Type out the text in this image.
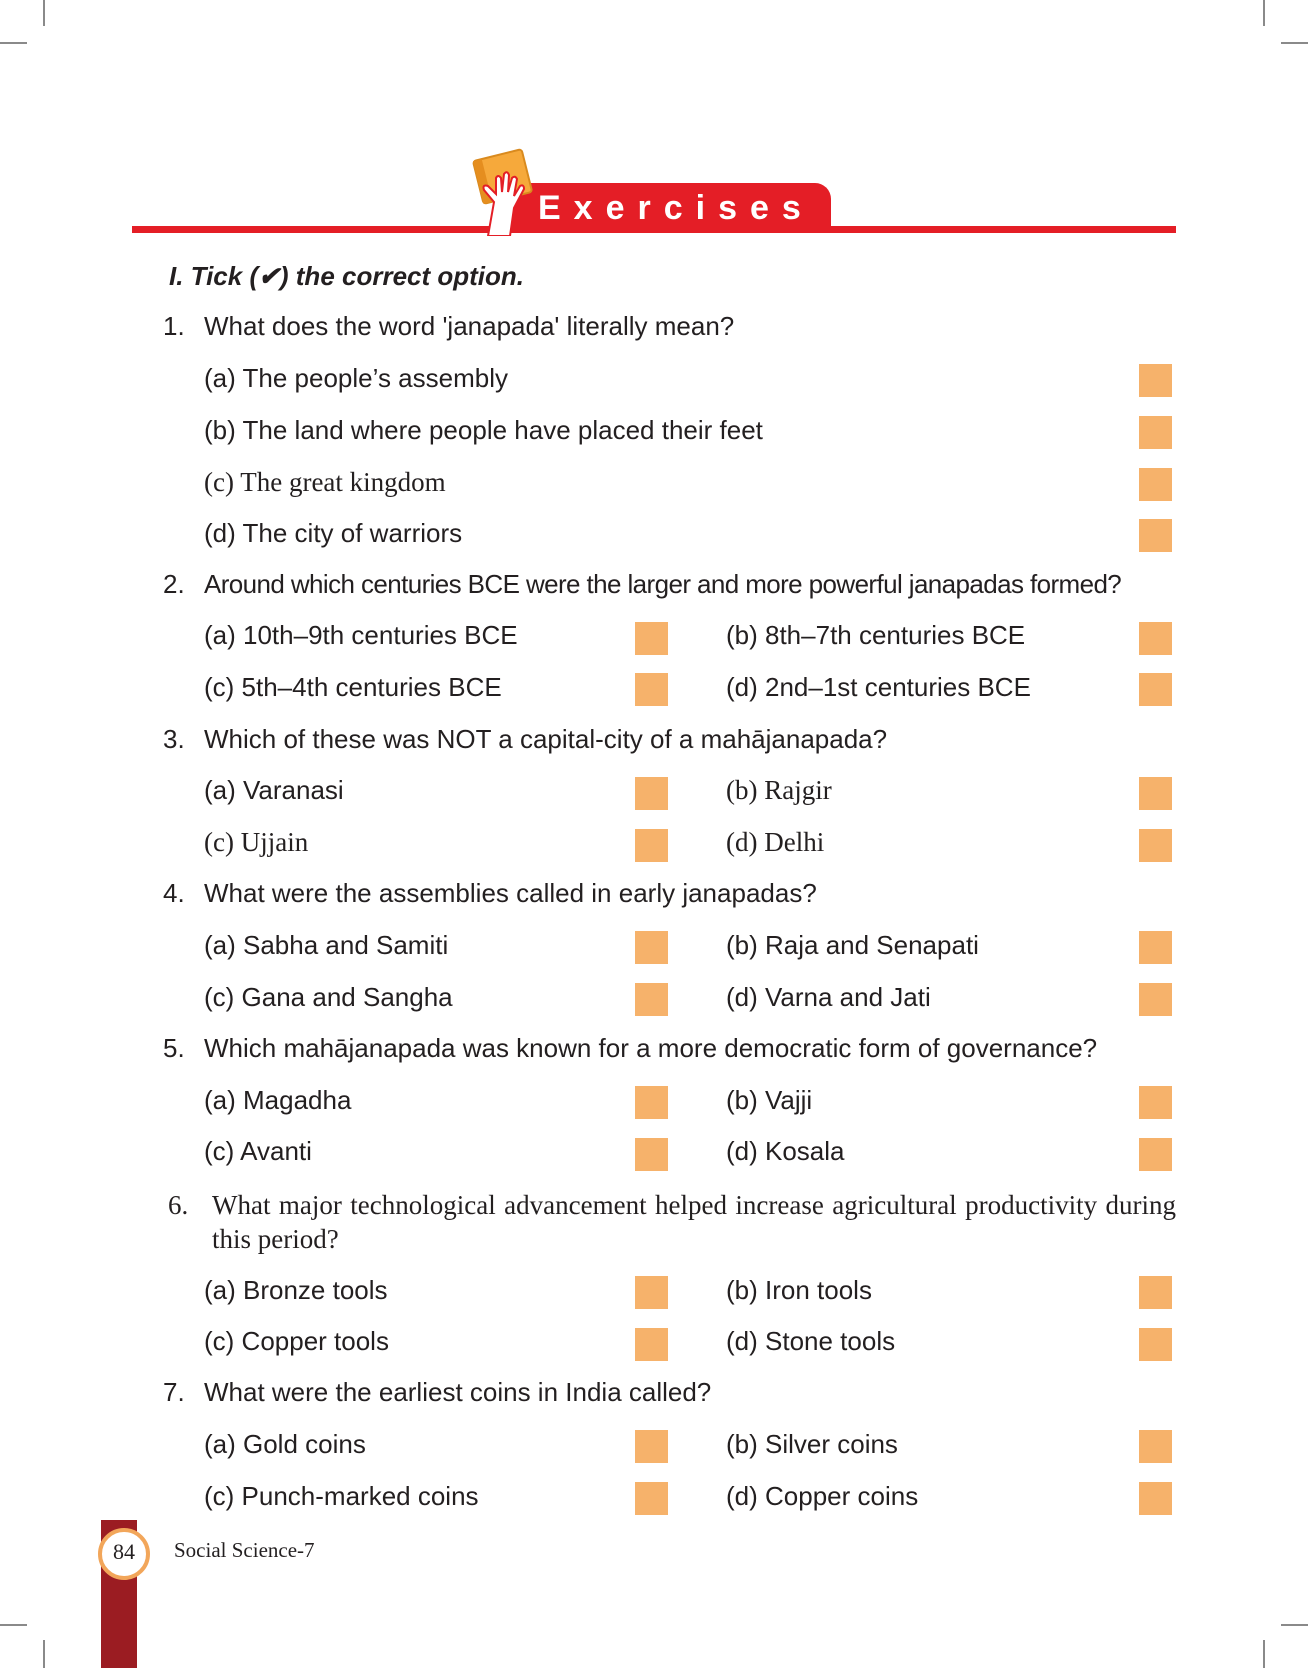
Exercises
I. Tick (✔) the correct option.
1. What does the word 'janapada' literally mean?
(a) The people’s assembly
(b) The land where people have placed their feet
(c) The great kingdom
(d) The city of warriors
2. Around which centuries BCE were the larger and more powerful janapadas formed?
(a) 10th–9th centuries BCE	(b) 8th–7th centuries BCE
(c) 5th–4th centuries BCE	(d) 2nd–1st centuries BCE
3. Which of these was NOT a capital-city of a mahājanapada?
(a) Varanasi	(b) Rajgir
(c) Ujjain	(d) Delhi
4. What were the assemblies called in early janapadas?
(a) Sabha and Samiti	(b) Raja and Senapati
(c) Gana and Sangha	(d) Varna and Jati
5. Which mahājanapada was known for a more democratic form of governance?
(a) Magadha	(b) Vajji
(c) Avanti	(d) Kosala
6. What major technological advancement helped increase agricultural productivity during this period?
(a) Bronze tools	(b) Iron tools
(c) Copper tools	(d) Stone tools
7. What were the earliest coins in India called?
(a) Gold coins	(b) Silver coins
(c) Punch-marked coins	(d) Copper coins
84	Social Science-7
